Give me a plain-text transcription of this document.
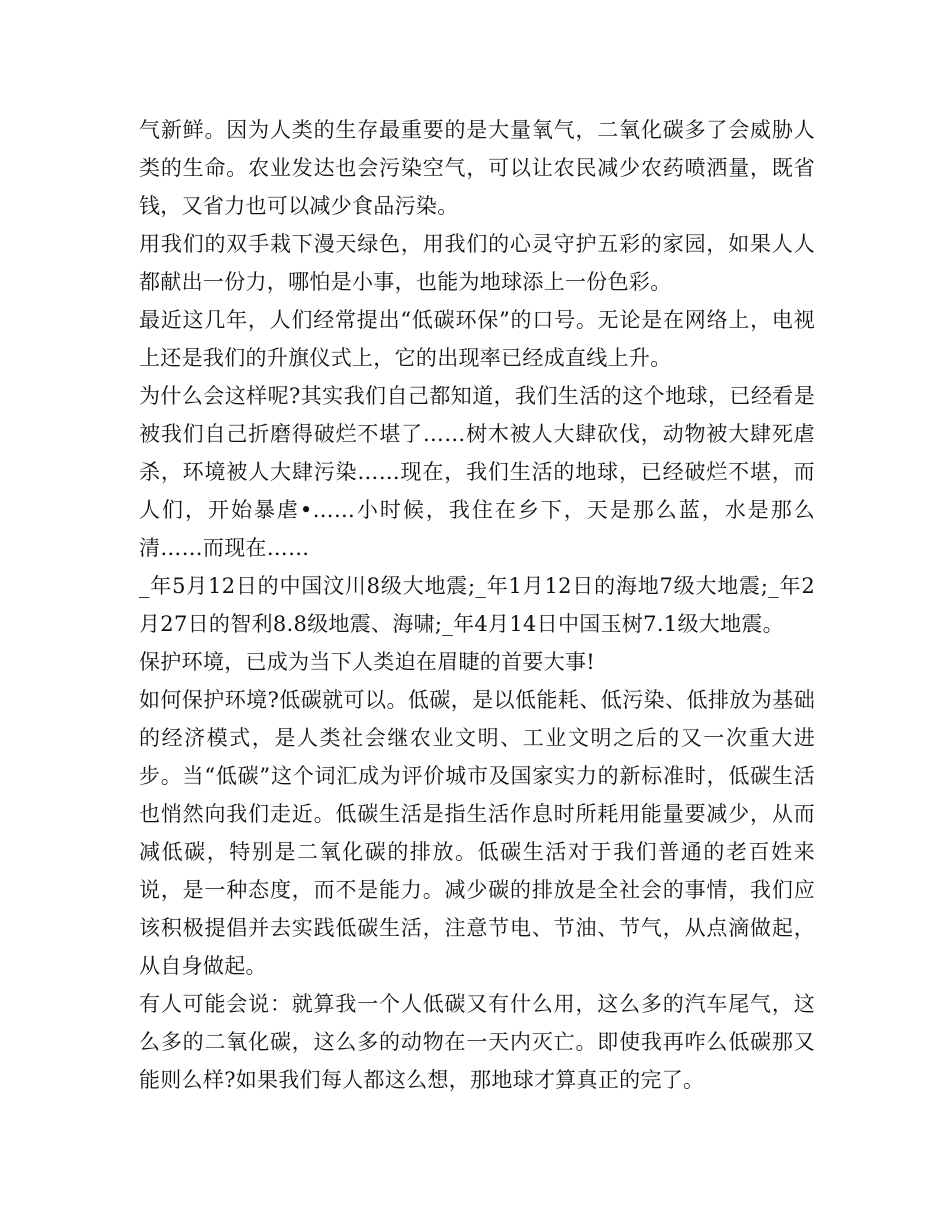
气新鲜。因为人类的生存最重要的是大量氧气，二氧化碳多了会威胁人类的生命。农业发达也会污染空气，可以让农民减少农药喷洒量，既省钱，又省力也可以减少食品污染。

用我们的双手栽下漫天绿色，用我们的心灵守护五彩的家园，如果人人都献出一份力，哪怕是小事，也能为地球添上一份色彩。

最近这几年，人们经常提出“低碳环保”的口号。无论是在网络上，电视上还是我们的升旗仪式上，它的出现率已经成直线上升。

为什么会这样呢?其实我们自己都知道，我们生活的这个地球，已经看是被我们自己折磨得破烂不堪了……树木被人大肆砍伐，动物被大肆死虐杀，环境被人大肆污染……现在，我们生活的地球，已经破烂不堪，而人们，开始暴虐•……小时候，我住在乡下，天是那么蓝，水是那么清……而现在……

_年5月12日的中国汶川8级大地震;_年1月12日的海地7级大地震;_年2月27日的智利8.8级地震、海啸;_年4月14日中国玉树7.1级大地震。

保护环境，已成为当下人类迫在眉睫的首要大事!

如何保护环境?低碳就可以。低碳，是以低能耗、低污染、低排放为基础的经济模式，是人类社会继农业文明、工业文明之后的又一次重大进步。当“低碳”这个词汇成为评价城市及国家实力的新标准时，低碳生活也悄然向我们走近。低碳生活是指生活作息时所耗用能量要减少，从而减低碳，特别是二氧化碳的排放。低碳生活对于我们普通的老百姓来说，是一种态度，而不是能力。减少碳的排放是全社会的事情，我们应该积极提倡并去实践低碳生活，注意节电、节油、节气，从点滴做起，从自身做起。

有人可能会说：就算我一个人低碳又有什么用，这么多的汽车尾气，这么多的二氧化碳，这么多的动物在一天内灭亡。即使我再咋么低碳那又能则么样?如果我们每人都这么想，那地球才算真正的完了。
